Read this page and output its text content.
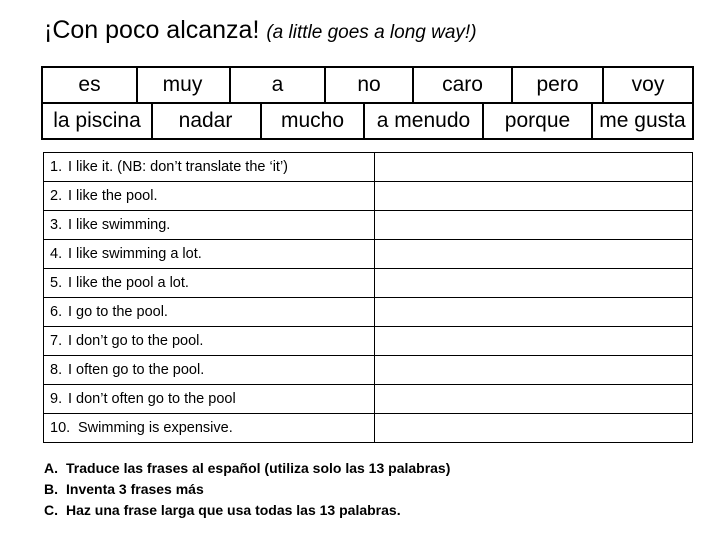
¡Con poco alcanza! (a little goes a long way!)
es	muy	a	no	caro	pero	voy
la piscina	nadar	mucho	a menudo	porque	me gusta
1. I like it. (NB: don’t translate the ‘it’)	
2. I like the pool.	
3. I like swimming.	
4. I like swimming a lot.	
5. I like the pool a lot.	
6. I go to the pool.	
7. I don’t go to the pool.	
8. I often go to the pool.	
9. I don’t often go to the pool	
10. Swimming is expensive.	
A. Traduce las frases al español (utiliza solo las 13 palabras)
B. Inventa 3 frases más
C. Haz una frase larga que usa todas las 13 palabras.
